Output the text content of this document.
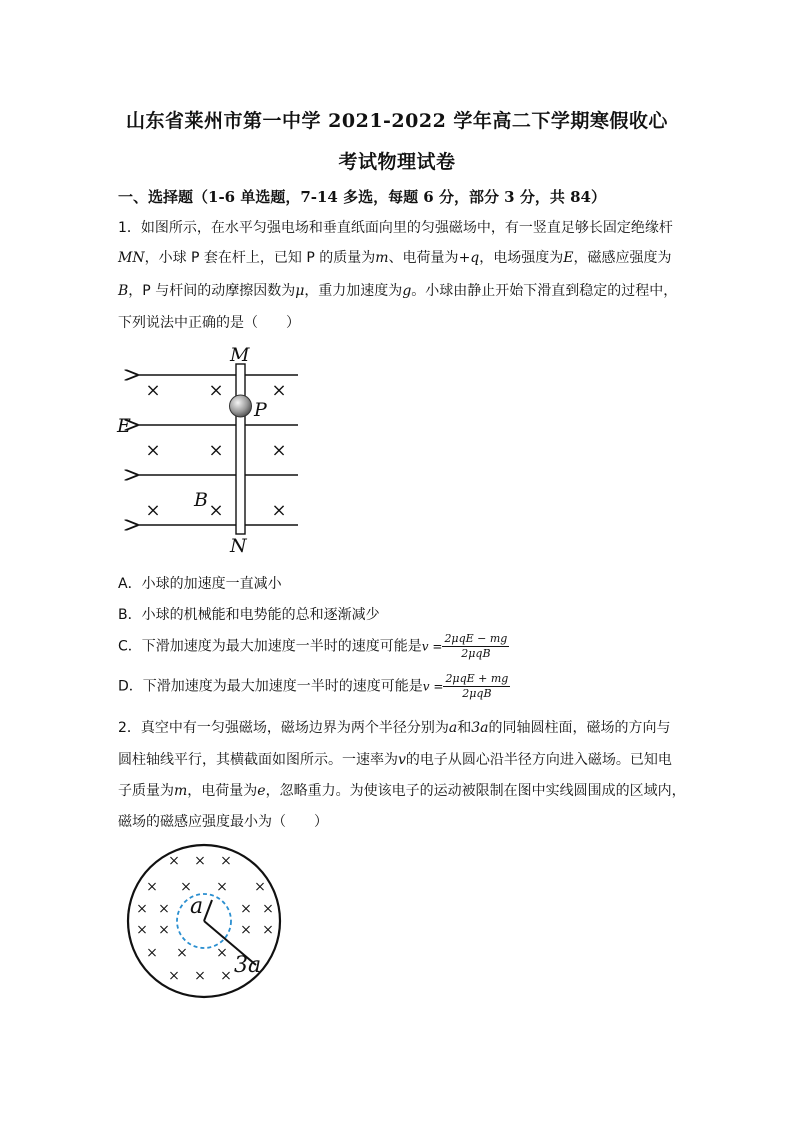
山东省莱州市第一中学 2021-2022 学年高二下学期寒假收心
考试物理试卷
一、选择题（1-6 单选题，7-14 多选，每题 6 分，部分 3 分，共 84）
1．如图所示，在水平匀强电场和垂直纸面向里的匀强磁场中，有一竖直足够长固定绝缘杆
MN，小球 P 套在杆上，已知 P 的质量为m、电荷量为+q，电场强度为E，磁感应强度为
B，P 与杆间的动摩擦因数为μ，重力加速度为g。小球由静止开始下滑直到稳定的过程中，
下列说法中正确的是（　　）
×	×	×
×	×	×
×	×	×
M
N
P
E
B
A．小球的加速度一直减小
B．小球的机械能和电势能的总和逐渐减少
C．下滑加速度为最大加速度一半时的速度可能是$v = \frac{\text{2μqE − mg}}{\text{2μqB}}$
D．下滑加速度为最大加速度一半时的速度可能是$v = \frac{\text{2μqE + mg}}{\text{2μqB}}$
2．真空中有一匀强磁场，磁场边界为两个半径分别为a和3a的同轴圆柱面，磁场的方向与
圆柱轴线平行，其横截面如图所示。一速率为v的电子从圆心沿半径方向进入磁场。已知电
子质量为m，电荷量为e，忽略重力。为使该电子的运动被限制在图中实线圆围成的区域内，
磁场的磁感应强度最小为（　　）
× × ×
× × × ×
× ×	× ×
× ×	× ×
× × ×
× × ×
a
3a
